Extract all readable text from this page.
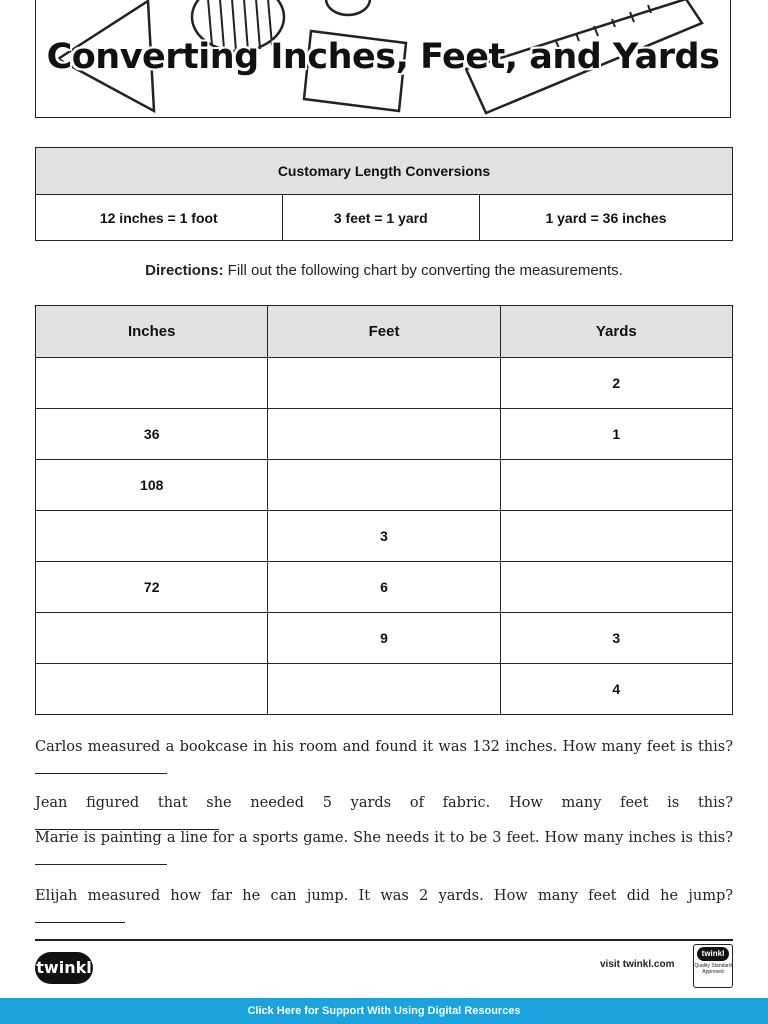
Converting Inches, Feet, and Yards
Customary Length Conversions
12 inches = 1 foot	3 feet = 1 yard	1 yard = 36 inches
Directions: Fill out the following chart by converting the measurements.
Inches	Feet	Yards
		2
36		1
108		
	3	
72	6	
	9	3
		4
Carlos measured a bookcase in his room and found it was 132 inches. How many feet is this?
Jean figured that she needed 5 yards of fabric. How many feet is this?
Marie is painting a line for a sports game. She needs it to be 3 feet. How many inches is this?
Elijah measured how far he can jump. It was 2 yards. How many feet did he jump?
twinkl	visit twinkl.com
twinkl
Quality Standard Approved
Click Here for Support With Using Digital Resources
